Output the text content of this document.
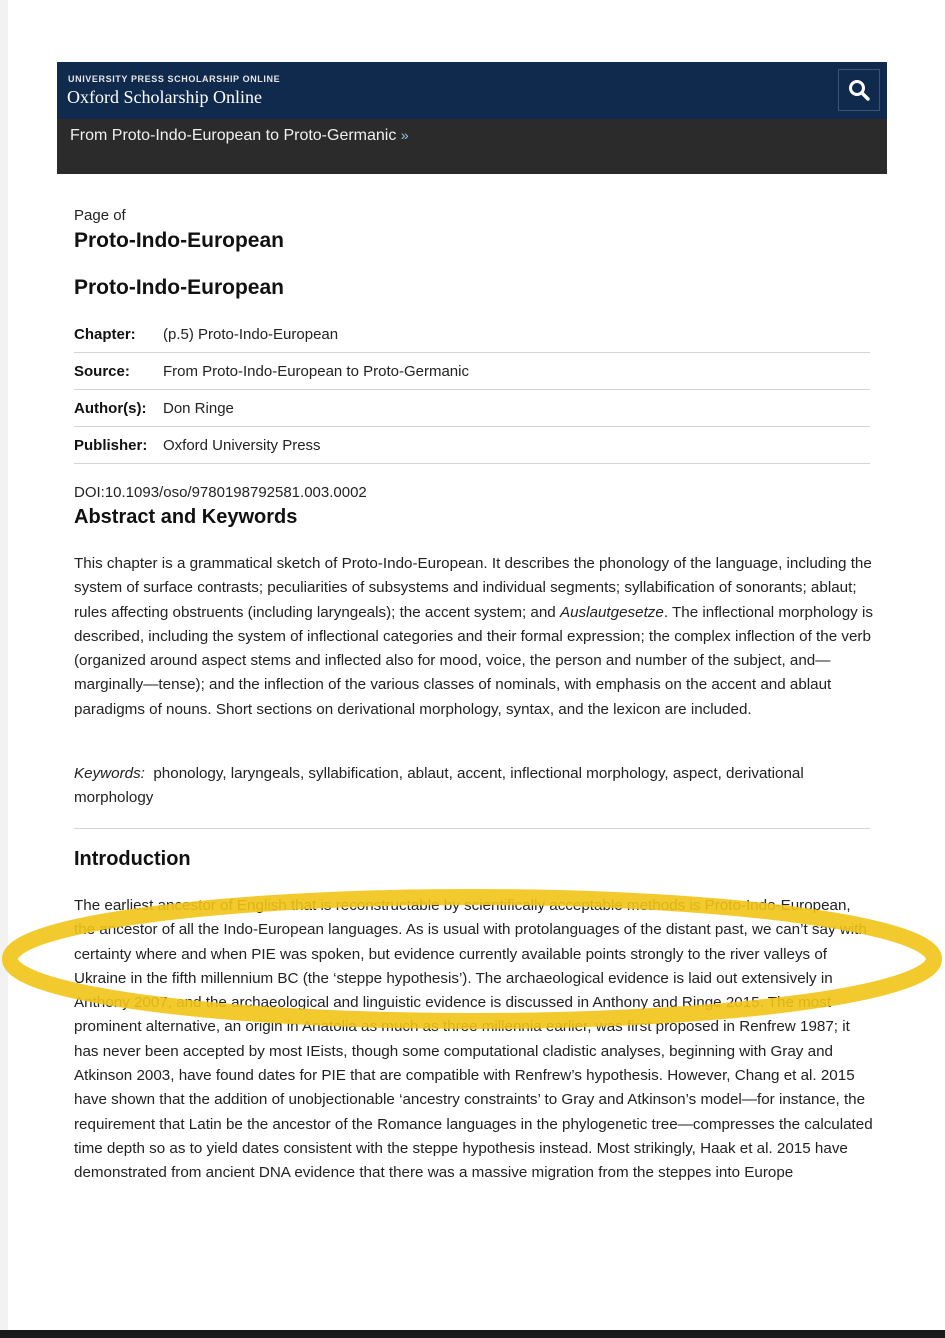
UNIVERSITY PRESS SCHOLARSHIP ONLINE
Oxford Scholarship Online
From Proto-Indo-European to Proto-Germanic »
Page of
Proto-Indo-European
Proto-Indo-European
Chapter: (p.5) Proto-Indo-European
Source: From Proto-Indo-European to Proto-Germanic
Author(s): Don Ringe
Publisher: Oxford University Press
DOI:10.1093/oso/9780198792581.003.0002
Abstract and Keywords
This chapter is a grammatical sketch of Proto-Indo-European. It describes the phonology of the language, including the system of surface contrasts; peculiarities of subsystems and individual segments; syllabification of sonorants; ablaut; rules affecting obstruents (including laryngeals); the accent system; and Auslautgesetze. The inflectional morphology is described, including the system of inflectional categories and their formal expression; the complex inflection of the verb (organized around aspect stems and inflected also for mood, voice, the person and number of the subject, and—marginally—tense); and the inflection of the various classes of nominals, with emphasis on the accent and ablaut paradigms of nouns. Short sections on derivational morphology, syntax, and the lexicon are included.
Keywords: phonology, laryngeals, syllabification, ablaut, accent, inflectional morphology, aspect, derivational morphology
Introduction
The earliest ancestor of English that is reconstructable by scientifically acceptable methods is Proto-Indo-European, the ancestor of all the Indo-European languages. As is usual with protolanguages of the distant past, we can’t say with certainty where and when PIE was spoken, but evidence currently available points strongly to the river valleys of Ukraine in the fifth millennium BC (the ‘steppe hypothesis’). The archaeological evidence is laid out extensively in Anthony 2007, and the archaeological and linguistic evidence is discussed in Anthony and Ringe 2015. The most prominent alternative, an origin in Anatolia as much as three millennia earlier, was first proposed in Renfrew 1987; it has never been accepted by most IEists, though some computational cladistic analyses, beginning with Gray and Atkinson 2003, have found dates for PIE that are compatible with Renfrew’s hypothesis. However, Chang et al. 2015 have shown that the addition of unobjectionable ‘ancestry constraints’ to Gray and Atkinson’s model—for instance, the requirement that Latin be the ancestor of the Romance languages in the phylogenetic tree—compresses the calculated time depth so as to yield dates consistent with the steppe hypothesis instead. Most strikingly, Haak et al. 2015 have demonstrated from ancient DNA evidence that there was a massive migration from the steppes into Europe
